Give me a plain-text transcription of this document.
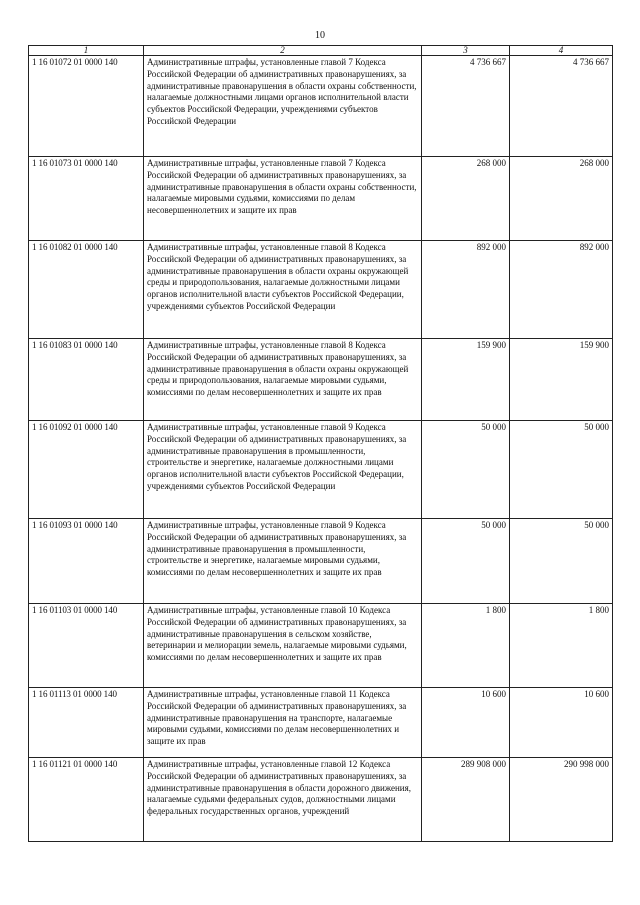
10
1	2	3	4
1 16 01072 01 0000 140	Административные штрафы, установленные главой 7 Кодекса Российской Федерации об административных правонарушениях, за административные правонарушения в области охраны собственности, налагаемые должностными лицами органов исполнительной власти субъектов Российской Федерации, учреждениями субъектов Российской Федерации	4 736 667	4 736 667
1 16 01073 01 0000 140	Административные штрафы, установленные главой 7 Кодекса Российской Федерации об административных правонарушениях, за административные правонарушения в области охраны собственности, налагаемые мировыми судьями, комиссиями по делам несовершеннолетних и защите их прав	268 000	268 000
1 16 01082 01 0000 140	Административные штрафы, установленные главой 8 Кодекса Российской Федерации об административных правонарушениях, за административные правонарушения в области охраны окружающей среды и природопользования, налагаемые должностными лицами органов исполнительной власти субъектов Российской Федерации, учреждениями субъектов Российской Федерации	892 000	892 000
1 16 01083 01 0000 140	Административные штрафы, установленные главой 8 Кодекса Российской Федерации об административных правонарушениях, за административные правонарушения в области охраны окружающей среды и природопользования, налагаемые мировыми судьями, комиссиями по делам несовершеннолетних и защите их прав	159 900	159 900
1 16 01092 01 0000 140	Административные штрафы, установленные главой 9 Кодекса Российской Федерации об административных правонарушениях, за административные правонарушения в промышленности, строительстве и энергетике, налагаемые должностными лицами органов исполнительной власти субъектов Российской Федерации, учреждениями субъектов Российской Федерации	50 000	50 000
1 16 01093 01 0000 140	Административные штрафы, установленные главой 9 Кодекса Российской Федерации об административных правонарушениях, за административные правонарушения в промышленности, строительстве и энергетике, налагаемые мировыми судьями, комиссиями по делам несовершеннолетних и защите их прав	50 000	50 000
1 16 01103 01 0000 140	Административные штрафы, установленные главой 10 Кодекса Российской Федерации об административных правонарушениях, за административные правонарушения в сельском хозяйстве, ветеринарии и мелиорации земель, налагаемые мировыми судьями, комиссиями по делам несовершеннолетних и защите их прав	1 800	1 800
1 16 01113 01 0000 140	Административные штрафы, установленные главой 11 Кодекса Российской Федерации об административных правонарушениях, за административные правонарушения на транспорте, налагаемые мировыми судьями, комиссиями по делам несовершеннолетних и защите их прав	10 600	10 600
1 16 01121 01 0000 140	Административные штрафы, установленные главой 12 Кодекса Российской Федерации об административных правонарушениях, за административные правонарушения в области дорожного движения, налагаемые судьями федеральных судов, должностными лицами федеральных государственных органов, учреждений	289 908 000	290 998 000
